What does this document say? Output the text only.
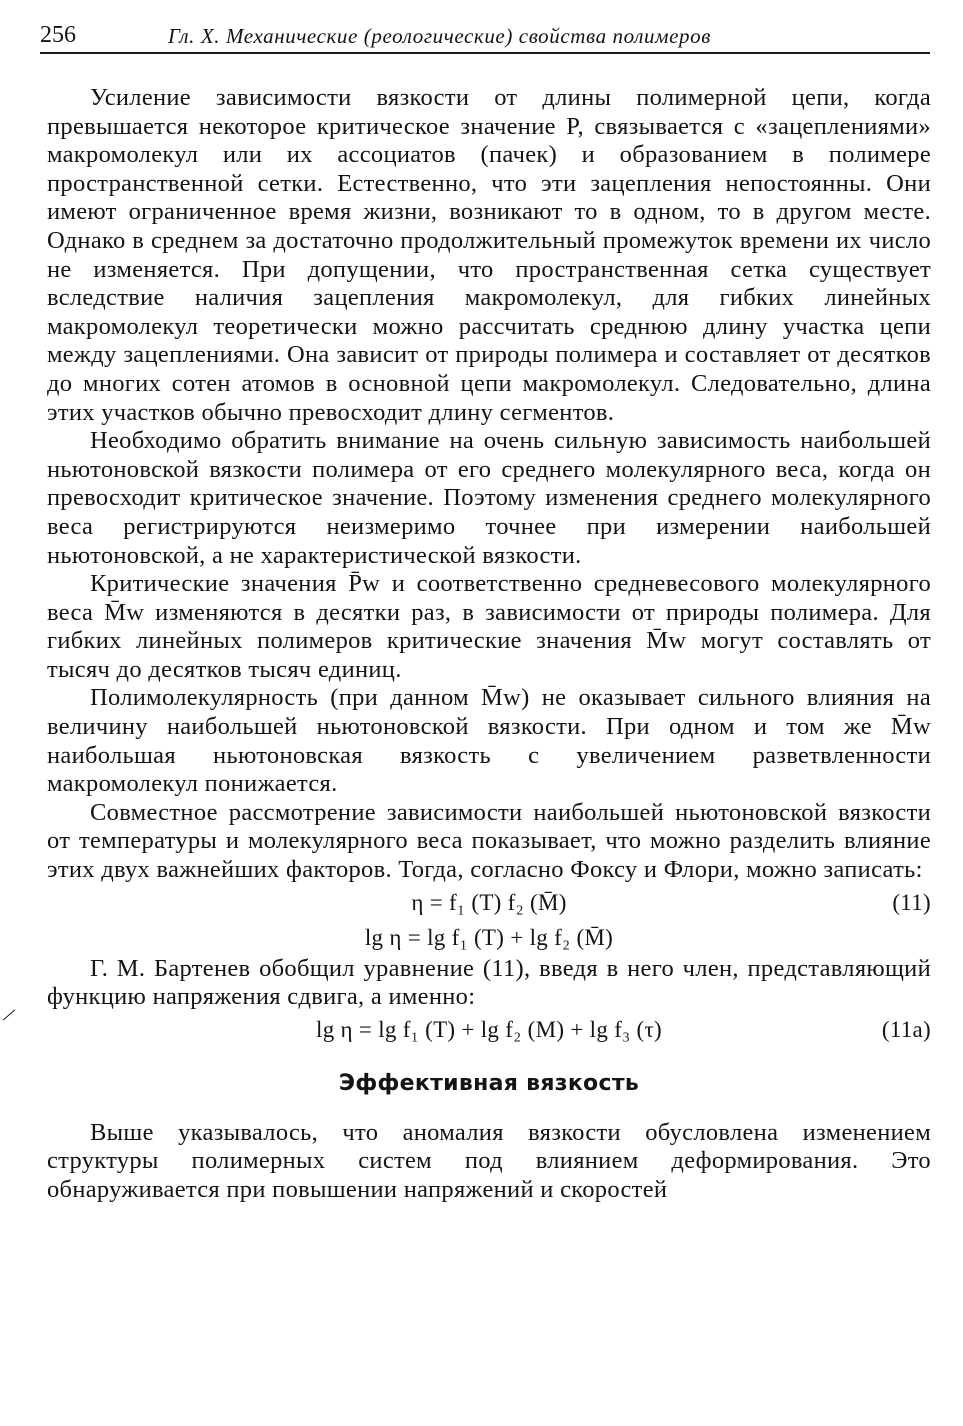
256	Гл. X. Механические (реологические) свойства полимеров
/

Усиление зависимости вязкости от длины полимерной цепи, когда превышается некоторое критическое значение P, связывается с «зацеплениями» макромолекул или их ассоциатов (пачек) и образованием в полимере пространственной сетки. Естественно, что эти зацепления непостоянны. Они имеют ограниченное время жизни, возникают то в одном, то в другом месте. Однако в среднем за достаточно продолжительный промежуток времени их число не изменяется. При допущении, что пространственная сетка существует вследствие наличия зацепления макромолекул, для гибких линейных макромолекул теоретически можно рассчитать среднюю длину участка цепи между зацеплениями. Она зависит от природы полимера и составляет от десятков до многих сотен атомов в основной цепи макромолекул. Следовательно, длина этих участков обычно превосходит длину сегментов.

Необходимо обратить внимание на очень сильную зависимость наибольшей ньютоновской вязкости полимера от его среднего молекулярного веса, когда он превосходит критическое значение. Поэтому изменения среднего молекулярного веса регистрируются неизмеримо точнее при измерении наибольшей ньютоновской, а не характеристической вязкости.

Критические значения P̄w и соответственно средневесового молекулярного веса M̄w изменяются в десятки раз, в зависимости от природы полимера. Для гибких линейных полимеров критические значения M̄w могут составлять от тысяч до десятков тысяч единиц.

Полимолекулярность (при данном M̄w) не оказывает сильного влияния на величину наибольшей ньютоновской вязкости. При одном и том же M̄w наибольшая ньютоновская вязкость с увеличением разветвленности макромолекул понижается.

Совместное рассмотрение зависимости наибольшей ньютоновской вязкости от температуры и молекулярного веса показывает, что можно разделить влияние этих двух важнейших факторов. Тогда, согласно Фоксу и Флори, можно записать:

η = f₁ (T) f₂ (M̄)	(11)
lg η = lg f₁ (T) + lg f₂ (M̄)

Г. М. Бартенев обобщил уравнение (11), введя в него член, представляющий функцию напряжения сдвига, а именно:

lg η = lg f₁ (T) + lg f₂ (M) + lg f₃ (τ)	(11a)
Эффективная вязкость

Выше указывалось, что аномалия вязкости обусловлена изменением структуры полимерных систем под влиянием деформирования. Это обнаруживается при повышении напряжений и скоростей
